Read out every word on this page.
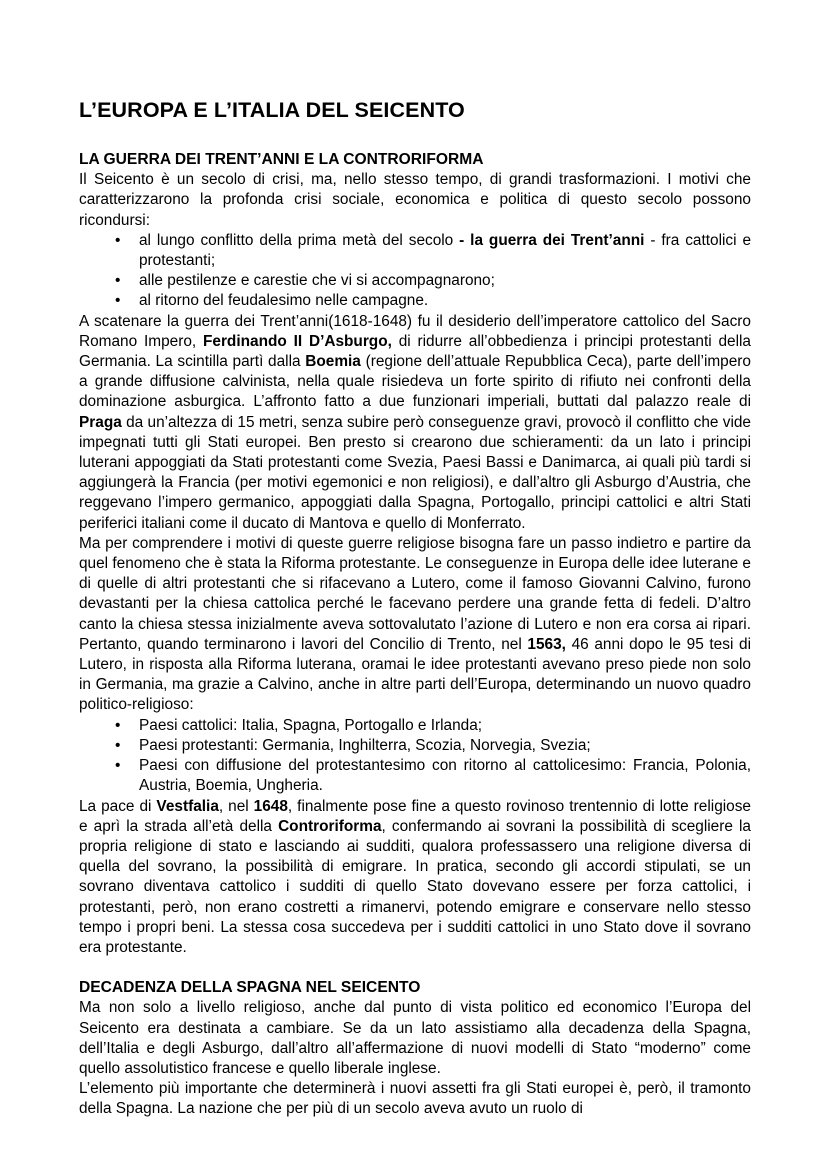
L’EUROPA E L’ITALIA DEL SEICENTO
LA GUERRA DEI TRENT’ANNI E LA CONTRORIFORMA

Il Seicento è un secolo di crisi, ma, nello stesso tempo, di grandi trasformazioni. I motivi che caratterizzarono la profonda crisi sociale, economica e politica di questo secolo possono ricondursi:

• al lungo conflitto della prima metà del secolo - la guerra dei Trent’anni - fra cattolici e protestanti;
• alle pestilenze e carestie che vi si accompagnarono;
• al ritorno del feudalesimo nelle campagne.

A scatenare la guerra dei Trent’anni(1618-1648) fu il desiderio dell’imperatore cattolico del Sacro Romano Impero, Ferdinando II D’Asburgo, di ridurre all’obbedienza i principi protestanti della Germania. La scintilla partì dalla Boemia (regione dell’attuale Repubblica Ceca), parte dell’impero a grande diffusione calvinista, nella quale risiedeva un forte spirito di rifiuto nei confronti della dominazione asburgica. L’affronto fatto a due funzionari imperiali, buttati dal palazzo reale di Praga da un’altezza di 15 metri, senza subire però conseguenze gravi, provocò il conflitto che vide impegnati tutti gli Stati europei. Ben presto si crearono due schieramenti: da un lato i principi luterani appoggiati da Stati protestanti come Svezia, Paesi Bassi e Danimarca, ai quali più tardi si aggiungerà la Francia (per motivi egemonici e non religiosi), e dall’altro gli Asburgo d’Austria, che reggevano l’impero germanico, appoggiati dalla Spagna, Portogallo, principi cattolici e altri Stati periferici italiani come il ducato di Mantova e quello di Monferrato.

Ma per comprendere i motivi di queste guerre religiose bisogna fare un passo indietro e partire da quel fenomeno che è stata la Riforma protestante. Le conseguenze in Europa delle idee luterane e di quelle di altri protestanti che si rifacevano a Lutero, come il famoso Giovanni Calvino, furono devastanti per la chiesa cattolica perché le facevano perdere una grande fetta di fedeli. D’altro canto la chiesa stessa inizialmente aveva sottovalutato l’azione di Lutero e non era corsa ai ripari. Pertanto, quando terminarono i lavori del Concilio di Trento, nel 1563, 46 anni dopo le 95 tesi di Lutero, in risposta alla Riforma luterana, oramai le idee protestanti avevano preso piede non solo in Germania, ma grazie a Calvino, anche in altre parti dell’Europa, determinando un nuovo quadro politico-religioso:

• Paesi cattolici: Italia, Spagna, Portogallo e Irlanda;
• Paesi protestanti: Germania, Inghilterra, Scozia, Norvegia, Svezia;
• Paesi con diffusione del protestantesimo con ritorno al cattolicesimo: Francia, Polonia, Austria, Boemia, Ungheria.

La pace di Vestfalia, nel 1648, finalmente pose fine a questo rovinoso trentennio di lotte religiose e aprì la strada all’età della Controriforma, confermando ai sovrani la possibilità di scegliere la propria religione di stato e lasciando ai sudditi, qualora professassero una religione diversa di quella del sovrano, la possibilità di emigrare. In pratica, secondo gli accordi stipulati, se un sovrano diventava cattolico i sudditi di quello Stato dovevano essere per forza cattolici, i protestanti, però, non erano costretti a rimanervi, potendo emigrare e conservare nello stesso tempo i propri beni. La stessa cosa succedeva per i sudditi cattolici in uno Stato dove il sovrano era protestante.

DECADENZA DELLA SPAGNA NEL SEICENTO

Ma non solo a livello religioso, anche dal punto di vista politico ed economico l’Europa del Seicento era destinata a cambiare. Se da un lato assistiamo alla decadenza della Spagna, dell’Italia e degli Asburgo, dall’altro all’affermazione di nuovi modelli di Stato “moderno” come quello assolutistico francese e quello liberale inglese.

L’elemento più importante che determinerà i nuovi assetti fra gli Stati europei è, però, il tramonto della Spagna. La nazione che per più di un secolo aveva avuto un ruolo di
